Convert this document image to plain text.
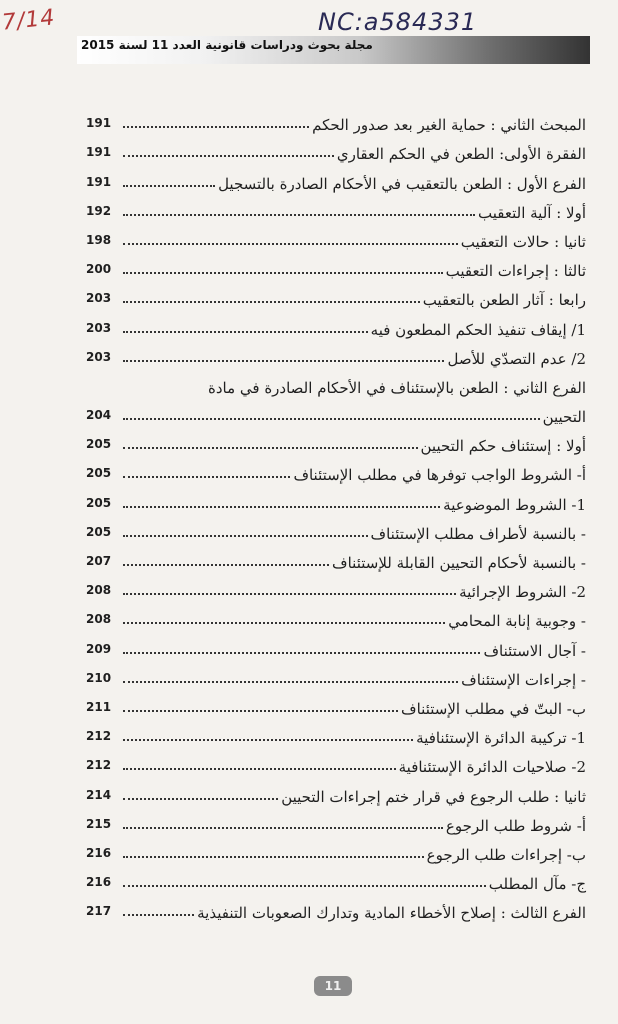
7/14	NC:a584331
مجلة بحوث ودراسات قانونية العدد 11 لسنة 2015
المبحث الثاني : حماية الغير بعد صدور الحكم
191
الفقرة الأولى: الطعن في الحكم العقاري
191
الفرع الأول : الطعن بالتعقيب في الأحكام الصادرة بالتسجيل
191
أولا : آلية التعقيب
192
ثانيا : حالات التعقيب
198
ثالثا : إجراءات التعقيب
200
رابعا : آثار الطعن بالتعقيب
203
1/ إيقاف تنفيذ الحكم المطعون فيه
203
2/ عدم التصدّي للأصل
203
الفرع الثاني : الطعن بالإستئناف في الأحكام الصادرة في مادة
التحيين
204
أولا : إستئناف حكم التحيين
205
أ- الشروط الواجب توفرها في مطلب الإستئناف
205
1- الشروط الموضوعية
205
- بالنسبة لأطراف مطلب الإستئناف
205
- بالنسبة لأحكام التحيين القابلة للإستئناف
207
2- الشروط الإجرائية
208
- وجوبية إنابة المحامي
208
- آجال الاستئناف
209
- إجراءات الإستئناف
210
ب- البتّ في مطلب الإستئناف
211
1- تركيبة الدائرة الإستئنافية
212
2- صلاحيات الدائرة الإستئنافية
212
ثانيا : طلب الرجوع في قرار ختم إجراءات التحيين
214
أ- شروط طلب الرجوع
215
ب- إجراءات طلب الرجوع
216
ج- مآل المطلب
216
الفرع الثالث : إصلاح الأخطاء المادية وتدارك الصعوبات التنفيذية
217
11
